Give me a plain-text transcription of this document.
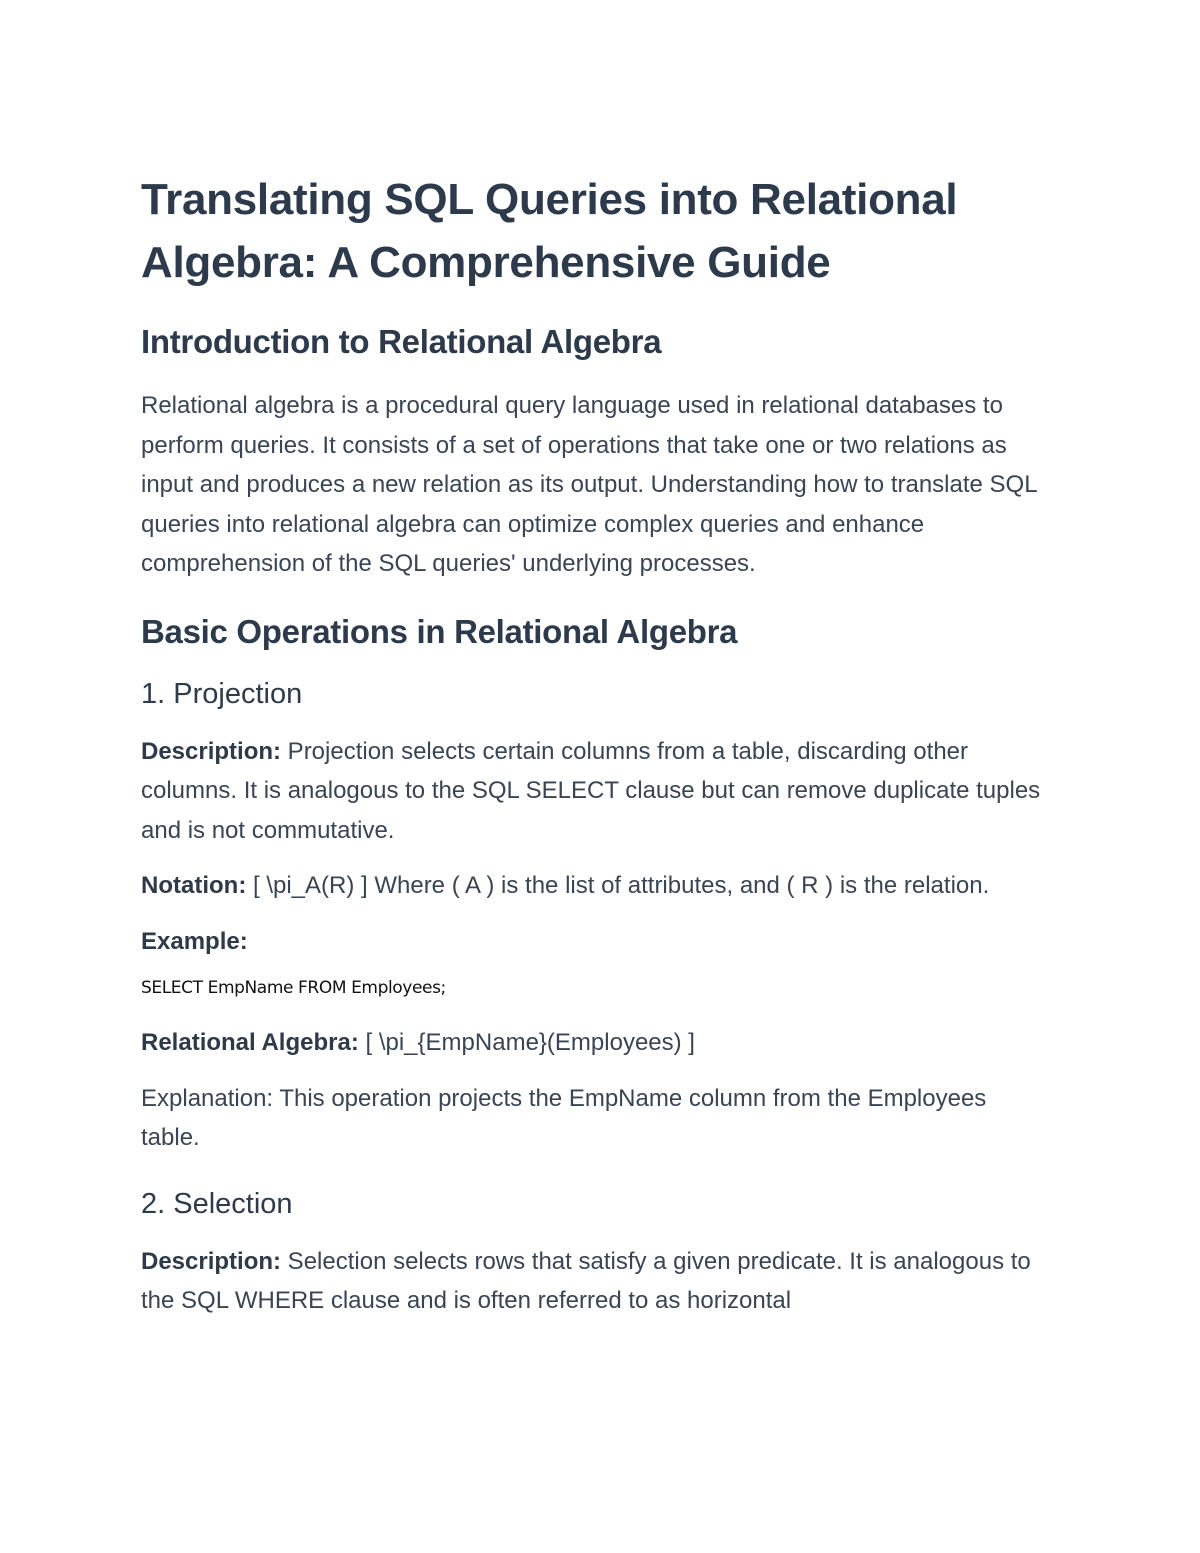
Translating SQL Queries into Relational Algebra: A Comprehensive Guide
Introduction to Relational Algebra

Relational algebra is a procedural query language used in relational databases to perform queries. It consists of a set of operations that take one or two relations as input and produces a new relation as its output. Understanding how to translate SQL queries into relational algebra can optimize complex queries and enhance comprehension of the SQL queries' underlying processes.

Basic Operations in Relational Algebra
1. Projection

Description: Projection selects certain columns from a table, discarding other columns. It is analogous to the SQL SELECT clause but can remove duplicate tuples and is not commutative.

Notation: [ \pi_A(R) ] Where ( A ) is the list of attributes, and ( R ) is the relation.

Example:

SELECT EmpName FROM Employees;

Relational Algebra: [ \pi_{EmpName}(Employees) ]

Explanation: This operation projects the EmpName column from the Employees table.

2. Selection

Description: Selection selects rows that satisfy a given predicate. It is analogous to the SQL WHERE clause and is often referred to as horizontal
